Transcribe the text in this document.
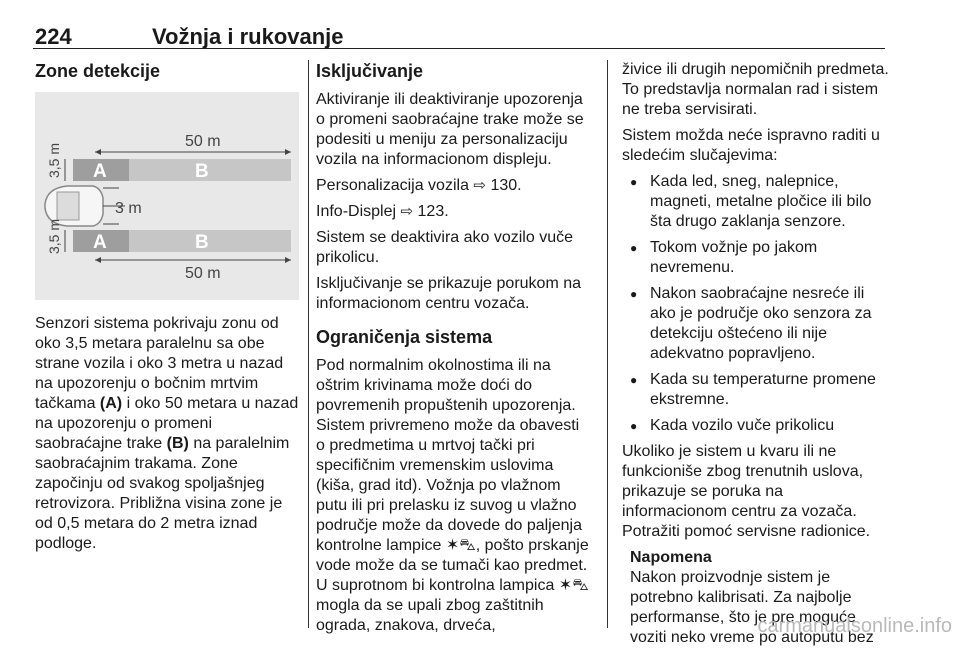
224	Vožnja i rukovanje
Zone detekcije
50 m
A	B
3,5 m
3 m
A	B
3,5 m
50 m

Senzori sistema pokrivaju zonu od oko 3,5 metara paralelnu sa obe strane vozila i oko 3 metra u nazad na upozorenju o bočnim mrtvim tačkama (A) i oko 50 metara u nazad na upozorenju o promeni saobraćajne trake (B) na paralelnim saobraćajnim trakama. Zone započinju od svakog spoljašnjeg retrovizora. Približna visina zone je od 0,5 metara do 2 metra iznad podloge.

Isključivanje

Aktiviranje ili deaktiviranje upozorenja o promeni saobraćajne trake može se podesiti u meniju za personalizaciju vozila na informacionom displeju.

Personalizacija vozila ⇨ 130.

Info-Displej ⇨ 123.

Sistem se deaktivira ako vozilo vuče prikolicu.

Isključivanje se prikazuje porukom na informacionom centru vozača.

Ograničenja sistema

Pod normalnim okolnostima ili na oštrim krivinama može doći do povremenih propuštenih upozorenja. Sistem privremeno može da obavesti o predmetima u mrtvoj tački pri specifičnim vremenskim uslovima (kiša, grad itd). Vožnja po vlažnom putu ili pri prelasku iz suvog u vlažno područje može da dovede do paljenja kontrolne lampice ✶⛍, pošto prskanje vode može da se tumači kao predmet. U suprotnom bi kontrolna lampica ✶⛍ mogla da se upali zbog zaštitnih ograda, znakova, drveća,

živice ili drugih nepomičnih predmeta. To predstavlja normalan rad i sistem ne treba servisirati.

Sistem možda neće ispravno raditi u sledećim slučajevima:

● Kada led, sneg, nalepnice, magneti, metalne pločice ili bilo šta drugo zaklanja senzore.
● Tokom vožnje po jakom nevremenu.
● Nakon saobraćajne nesreće ili ako je područje oko senzora za detekciju oštećeno ili nije adekvatno popravljeno.
● Kada su temperaturne promene ekstremne.
● Kada vozilo vuče prikolicu

Ukoliko je sistem u kvaru ili ne funkcioniše zbog trenutnih uslova, prikazuje se poruka na informacionom centru za vozača. Potražiti pomoć servisne radionice.

Napomena
Nakon proizvodnje sistem je potrebno kalibrisati. Za najbolje performanse, što je pre moguće voziti neko vreme po autoputu bez
carmanualsonline.info
